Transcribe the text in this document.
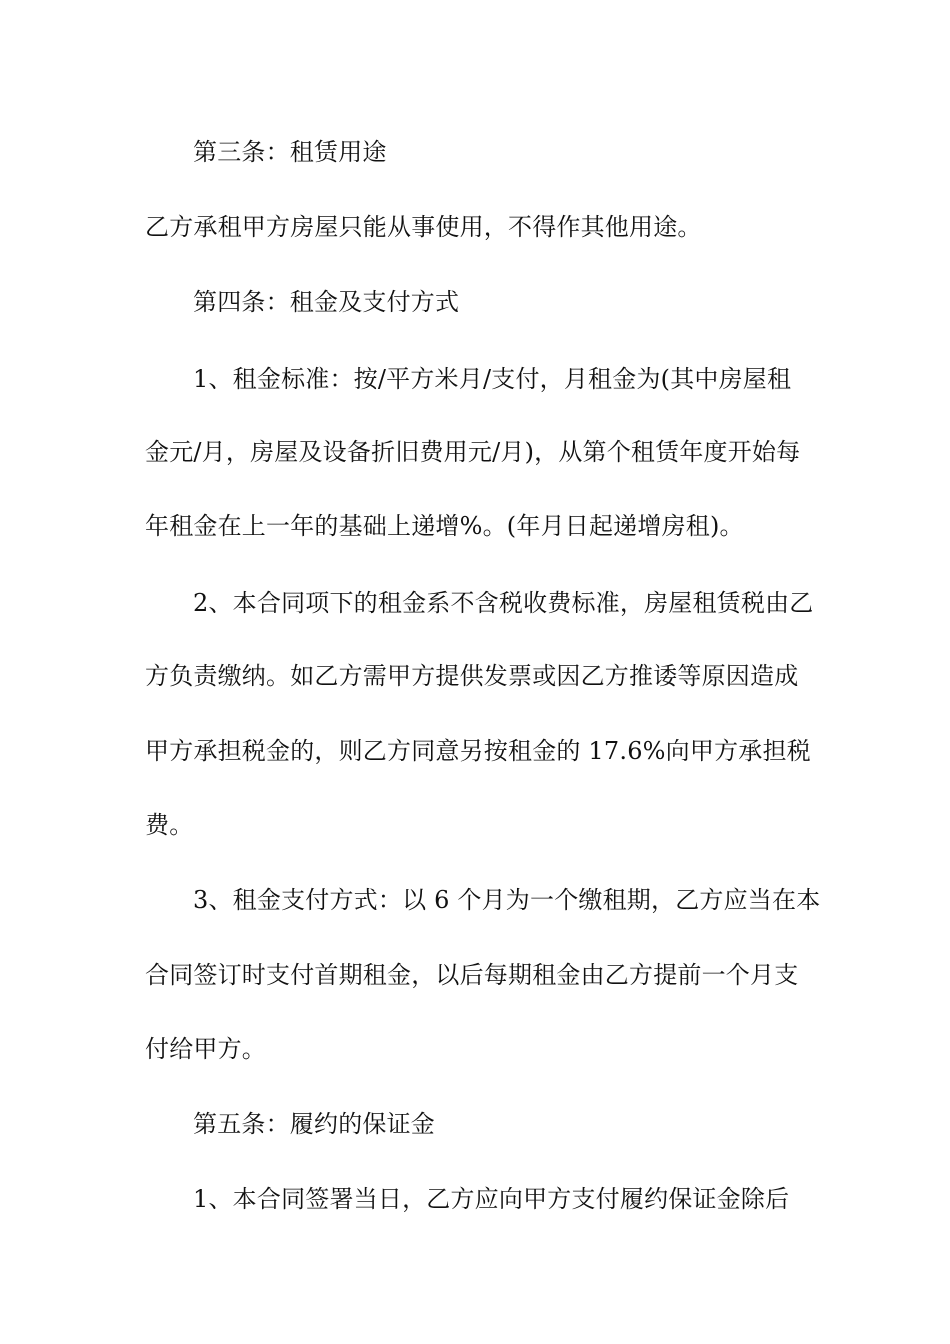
第三条：租赁用途
乙方承租甲方房屋只能从事使用，不得作其他用途。
第四条：租金及支付方式
1、租金标准：按/平方米月/支付，月租金为(其中房屋租
金元/月，房屋及设备折旧费用元/月)，从第个租赁年度开始每
年租金在上一年的基础上递增%。(年月日起递增房租)。
2、本合同项下的租金系不含税收费标准，房屋租赁税由乙
方负责缴纳。如乙方需甲方提供发票或因乙方推诿等原因造成
甲方承担税金的，则乙方同意另按租金的 17.6%向甲方承担税
费。
3、租金支付方式：以 6 个月为一个缴租期，乙方应当在本
合同签订时支付首期租金，以后每期租金由乙方提前一个月支
付给甲方。
第五条：履约的保证金
1、本合同签署当日，乙方应向甲方支付履约保证金除后
